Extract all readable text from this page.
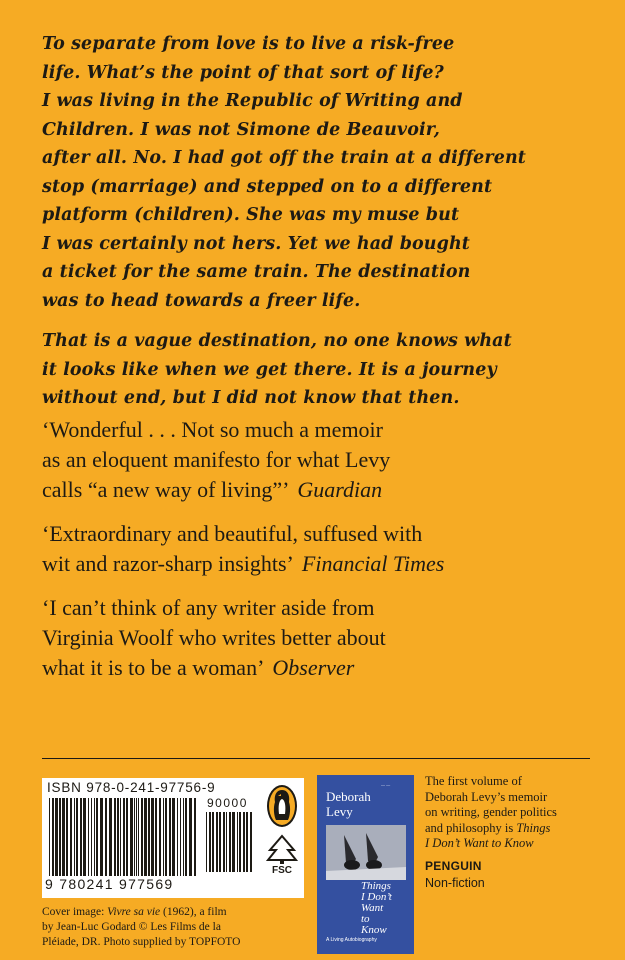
To separate from love is to live a risk-free
life. What’s the point of that sort of life?
I was living in the Republic of Writing and
Children. I was not Simone de Beauvoir,
after all. No. I had got off the train at a different
stop (marriage) and stepped on to a different
platform (children). She was my muse but
I was certainly not hers. Yet we had bought
a ticket for the same train. The destination
was to head towards a freer life.
That is a vague destination, no one knows what
it looks like when we get there. It is a journey
without end, but I did not know that then.
‘Wonderful . . . Not so much a memoir
as an eloquent manifesto for what Levy
calls “a new way of living”’ Guardian
‘Extraordinary and beautiful, suffused with
wit and razor-sharp insights’ Financial Times
‘I can’t think of any writer aside from
Virginia Woolf who writes better about
what it is to be a woman’ Observer
ISBN 978-0-241-97756-9
90000
9 780241 977569
FSC
Cover image: Vivre sa vie (1962), a film
by Jean-Luc Godard © Les Films de la
Pléiade, DR. Photo supplied by TOPFOTO
— —
Deborah
Levy
Things
I Don’t
Want
to
Know
A Living Autobiography
The first volume of
Deborah Levy’s memoir
on writing, gender politics
and philosophy is Things
I Don’t Want to Know
PENGUIN
Non-fiction
